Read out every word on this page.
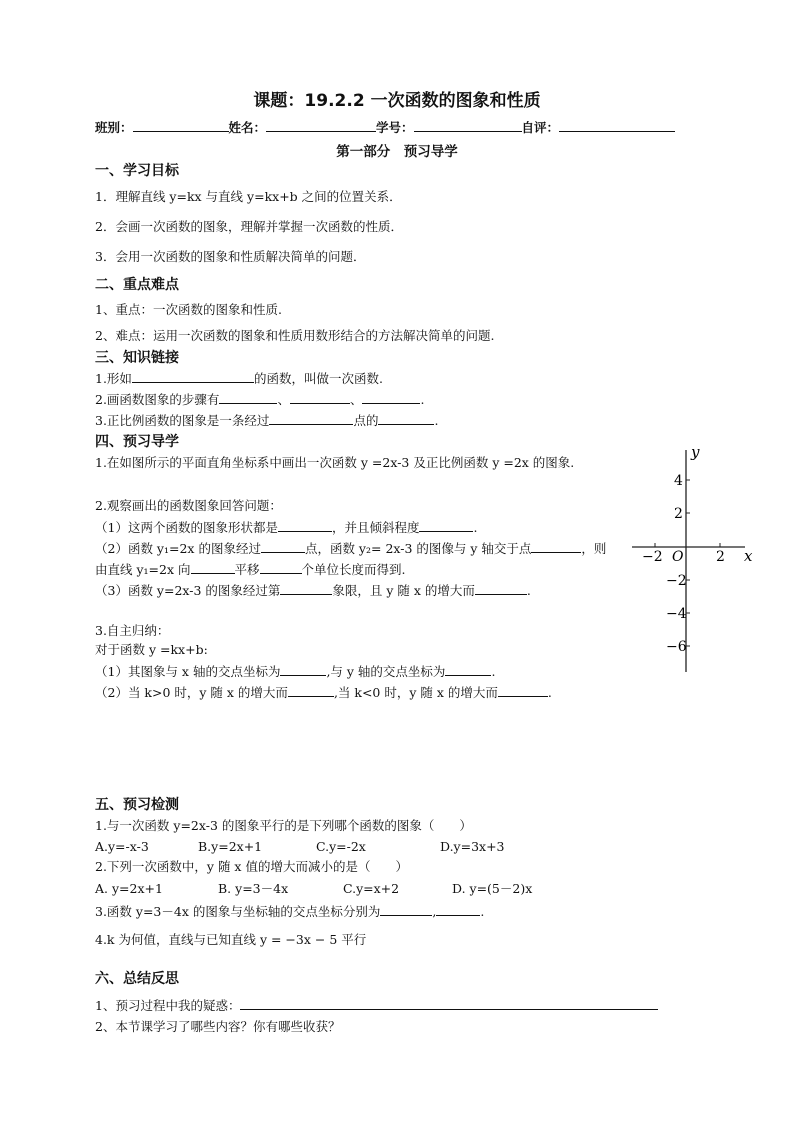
课题：19.2.2 一次函数的图象和性质
班别：	姓名：	学号：	自评：
第一部分　预习导学
一、学习目标
1．理解直线 y=kx 与直线 y=kx+b 之间的位置关系．
2．会画一次函数的图象，理解并掌握一次函数的性质．
3．会用一次函数的图象和性质解决简单的问题．
二、重点难点
1、重点：一次函数的图象和性质.
2、难点：运用一次函数的图象和性质用数形结合的方法解决简单的问题.
三、知识链接
1.形如	的函数，叫做一次函数.
2.画函数图象的步骤有	、	、	.
3.正比例函数的图象是一条经过	点的	.
四、预习导学
1.在如图所示的平面直角坐标系中画出一次函数 y =2x-3 及正比例函数 y =2x 的图象.
2.观察画出的函数图象回答问题：
（1）这两个函数的图象形状都是	，并且倾斜程度	.
（2）函数 y₁=2x 的图象经过	点，函数 y₂= 2x-3 的图像与 y 轴交于点	，则
由直线 y₁=2x 向	平移	个单位长度而得到.
（3）函数 y=2x-3 的图象经过第	象限，且 y 随 x 的增大而	.
3.自主归纳：
对于函数 y =kx+b:
（1）其图象与 x 轴的交点坐标为	,与 y 轴的交点坐标为	.
（2）当 k>0 时，y 随 x 的增大而	,当 k<0 时，y 随 x 的增大而	.
y
x
O
4
2
−2
−4
−6
−2	2
五、预习检测
1.与一次函数 y=2x-3 的图象平行的是下列哪个函数的图象（　　）
A.y=-x-3	B.y=2x+1	C.y=-2x	D.y=3x+3
2.下列一次函数中，y 随 x 值的增大而减小的是（　　）
A. y=2x+1	B. y=3－4x	C.y=x+2	D. y=(5－2)x
3.函数 y=3－4x 的图象与坐标轴的交点坐标分别为	,	.
4.k 为何值，直线与已知直线 y = −3x − 5 平行
六、总结反思
1、预习过程中我的疑惑：
2、本节课学习了哪些内容？你有哪些收获？
